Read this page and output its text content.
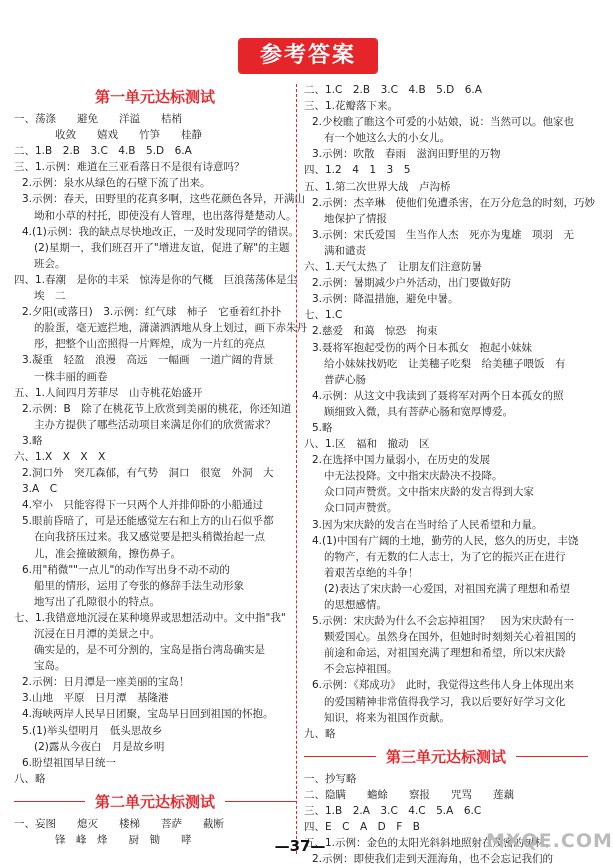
参考答案
第一单元达标测试
一、荡涤　　避免　　洋溢　　桔梢
　　收敛　　嬉戏　　竹笋　　桂静
二、1.B　2.B　3.C　4.B　5.D　6.A
三、1.示例：难道在三亚看落日不是很有诗意吗？
2.示例：泉水从绿色的石壁下流了出来。
3.示例：春天，田野里的花真多啊，这些花颜色各异，开满山
坳和小草的村托，即使没有人管理，也出落得楚楚动人。
4.(1)示例：我的缺点尽快地改正，一及时发现同学的错误。
(2)星期一，我们班召开了"增进友谊，促进了解"的主题
班会。
四、1.春潮　是你的丰采　惊涛是你的气概　巨浪荡荡体是尘
埃　二
2.夕阳(或落日)　3.示例：红气球　柿子　它垂着红扑扑
的脸蛋，毫无遮拦地，潇潇洒洒地从身上划过，画下赤朱丹
彤，把整个山峦照得一片辉煌，成为一片红的亮点
3.凝重　轻盈　浪漫　高远　一幅画　一道广阔的背景
一株丰丽的画卷
五、1.人间四月芳菲尽　山寺桃花始盛开
2.示例：B　除了在桃花节上欣赏到美丽的桃花，你还知道
主办方提供了哪些活动项目来满足你们的欣赏需求？
3.略
六、1.X　X　X　X
2.洞口外　突兀森郁，有气势　洞口　很宽　外洞　大
3.A　C
4.窄小　只能容得下一只两个人并排仰卧的小船通过
5.眼前昏暗了，可是还能感觉左右和上方的山石似乎都
在向我挤压过来。我又感觉要是把头稍微抬起一点
儿，准会撞破额角，擦伤鼻子。
6.用"稍微""一点儿"的动作写出身不动不动的
船里的情形，运用了夸张的修辞手法生动形象
地写出了孔隙很小的特点。
七、1.我错意地沉浸在某种境界或思想活动中。文中指"我"
沉浸在日月潭的美景之中。
确实是的，是不可分割的，宝岛是指台湾岛确实是
宝岛。
2.示例：日月潭是一座美丽的宝岛！
3.山地　平原　日月潭　基隆港
4.海峡两岸人民早日团聚，宝岛早日回到祖国的怀抱。
5.(1)举头望明月　低头思故乡
(2)露从今夜白　月是故乡明
6.盼望祖国早日统一
八、略
第二单元达标测试
一、妄图　　熄灭　　楼梯　　菩萨　　截断
　　锋　峰　烽　　厨　锄　　哮
二、1.C　2.B　3.C　4.B　5.D　6.A
三、1.花瓣落下来。
2.少校瞧了瞧这个可爱的小姑娘，说：当然可以。他家也
有一个她这么大的小女儿。
3.示例：吹散　春雨　滋润田野里的万物
四、1.2　4　1　3　5
五、1.第二次世界大战　卢沟桥
2.示例：杰辛琳　使他们免遭杀害，在万分危急的时刻，巧妙
地保护了情报
3.示例：宋氏爱国　生当作人杰　死亦为鬼雄　项羽　无
满和谴责
六、1.天气太热了　让朋友们注意防暑
2.示例：暑期减少户外活动，出门要做好防
3.示例：降温措施，避免中暑。
七、1.C
2.慈爱　和蔼　惊恐　拘束
3.聂将军抱起受伤的两个日本孤女　抱起小妹妹
给小妹妹找奶吃　让美穗子吃梨　给美穗子喂饭　有
普萨心肠
4.示例：从这文中我读到了聂将军对两个日本孤女的照
顾细致入微，具有菩萨心肠和宽厚博爱。
5.略
八、1.区　福和　撤动　区
2.在选择中国力量弱小，在历史的发展
中无法投降。文中指宋庆龄决不投降。
众口同声赞赏。文中指宋庆龄的发言得到大家
众口同声赞赏。
3.因为宋庆龄的发言在当时给了人民希望和力量。
4.(1)中国有广阔的土地，勤劳的人民，悠久的历史，丰饶
的物产，有无数的仁人志士，为了它的振兴正在进行
着艰苦卓绝的斗争！
(2)表达了宋庆龄一心爱国，对祖国充满了理想和希望
的思想感情。
5.示例：宋庆龄为什么不会忘掉祖国？　因为宋庆龄有一
颗爱国心。虽然身在国外，但她时时刻刻关心着祖国的
前途和命运，对祖国充满了理想和希望，所以宋庆龄
不会忘掉祖国。
6.示例：《郑成功》　此时，我觉得这些伟人身上体现出来
的爱国精神非常值得我学习，我以后要好好学习文化
知识，将来为祖国作贡献。
九、略
第三单元达标测试
一、抄写略
二、隐瞒　　蟾蜍　　察报　　咒骂　　莲藕
三、1.B　2.A　3.C　4.C　5.A　6.C
四、E　C　A　D　F　B
五、1.示例：金色的太阳光斜斜地照射在茂密的树林。
2.示例：即使我们走到天涯海角，也不会忘记我们的
—37—	MXQE.COM
